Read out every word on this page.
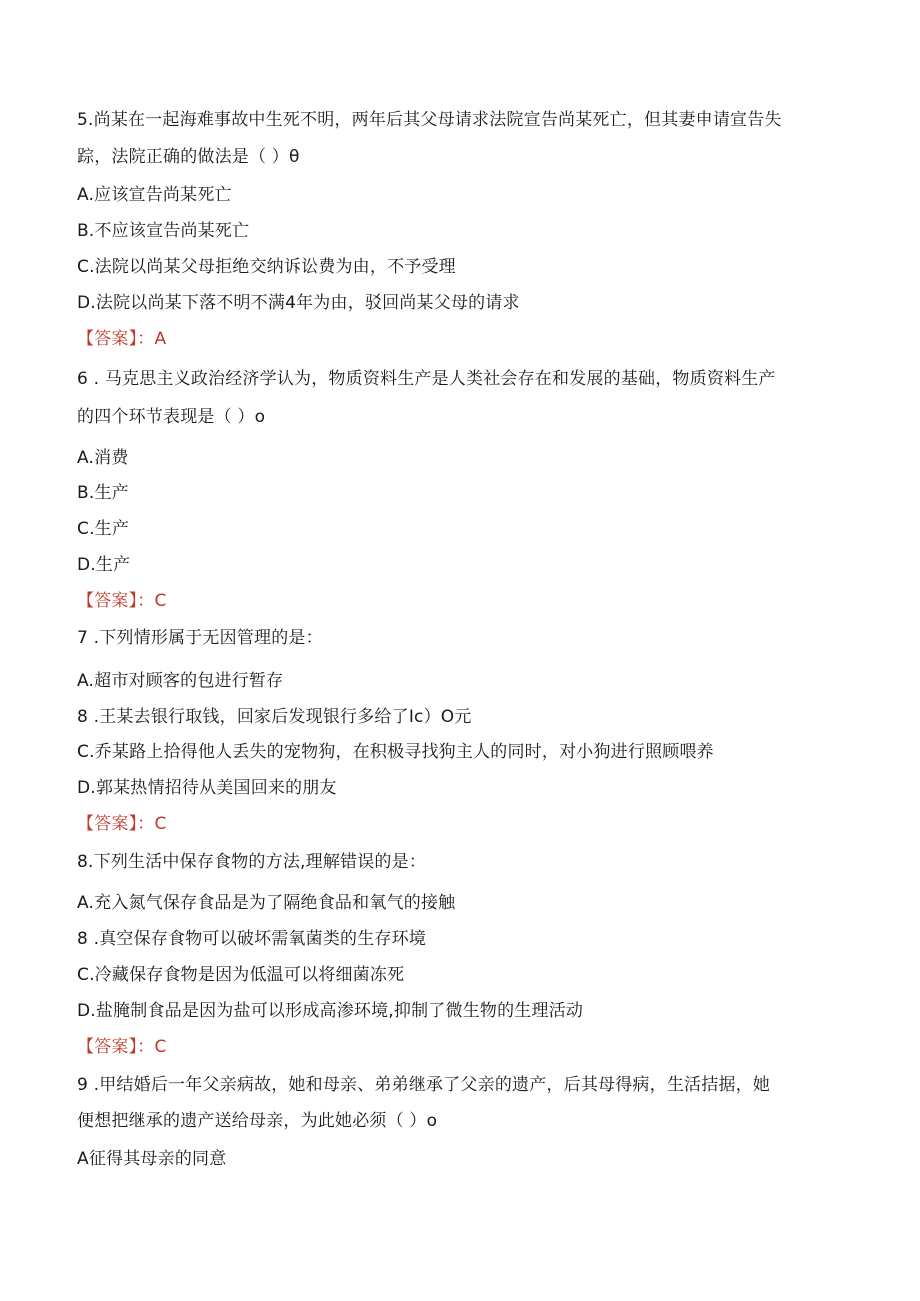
5.尚某在一起海难事故中生死不明，两年后其父母请求法院宣告尚某死亡，但其妻申请宣告失
踪，法院正确的做法是（ ）θ
A.应该宣告尚某死亡
B.不应该宣告尚某死亡
C.法院以尚某父母拒绝交纳诉讼费为由，不予受理
D.法院以尚某下落不明不满4年为由，驳回尚某父母的请求
【答案】：A
6 . 马克思主义政治经济学认为，物质资料生产是人类社会存在和发展的基础，物质资料生产
的四个环节表现是（ ）o
A.消费
B.生产
C.生产
D.生产
【答案】：C
7 .下列情形属于无因管理的是：
A.超市对顾客的包进行暂存
8 .王某去银行取钱，回家后发现银行多给了Ic）O元
C.乔某路上拾得他人丢失的宠物狗，在积极寻找狗主人的同时，对小狗进行照顾喂养
D.郭某热情招待从美国回来的朋友
【答案】：C
8.下列生活中保存食物的方法,理解错误的是：
A.充入氮气保存食品是为了隔绝食品和氧气的接触
8 .真空保存食物可以破坏需氧菌类的生存环境
C.冷藏保存食物是因为低温可以将细菌冻死
D.盐腌制食品是因为盐可以形成高渗环境,抑制了微生物的生理活动
【答案】：C
9 .甲结婚后一年父亲病故，她和母亲、弟弟继承了父亲的遗产，后其母得病，生活拮据，她
便想把继承的遗产送给母亲，为此她必须（ ）o
A征得其母亲的同意
